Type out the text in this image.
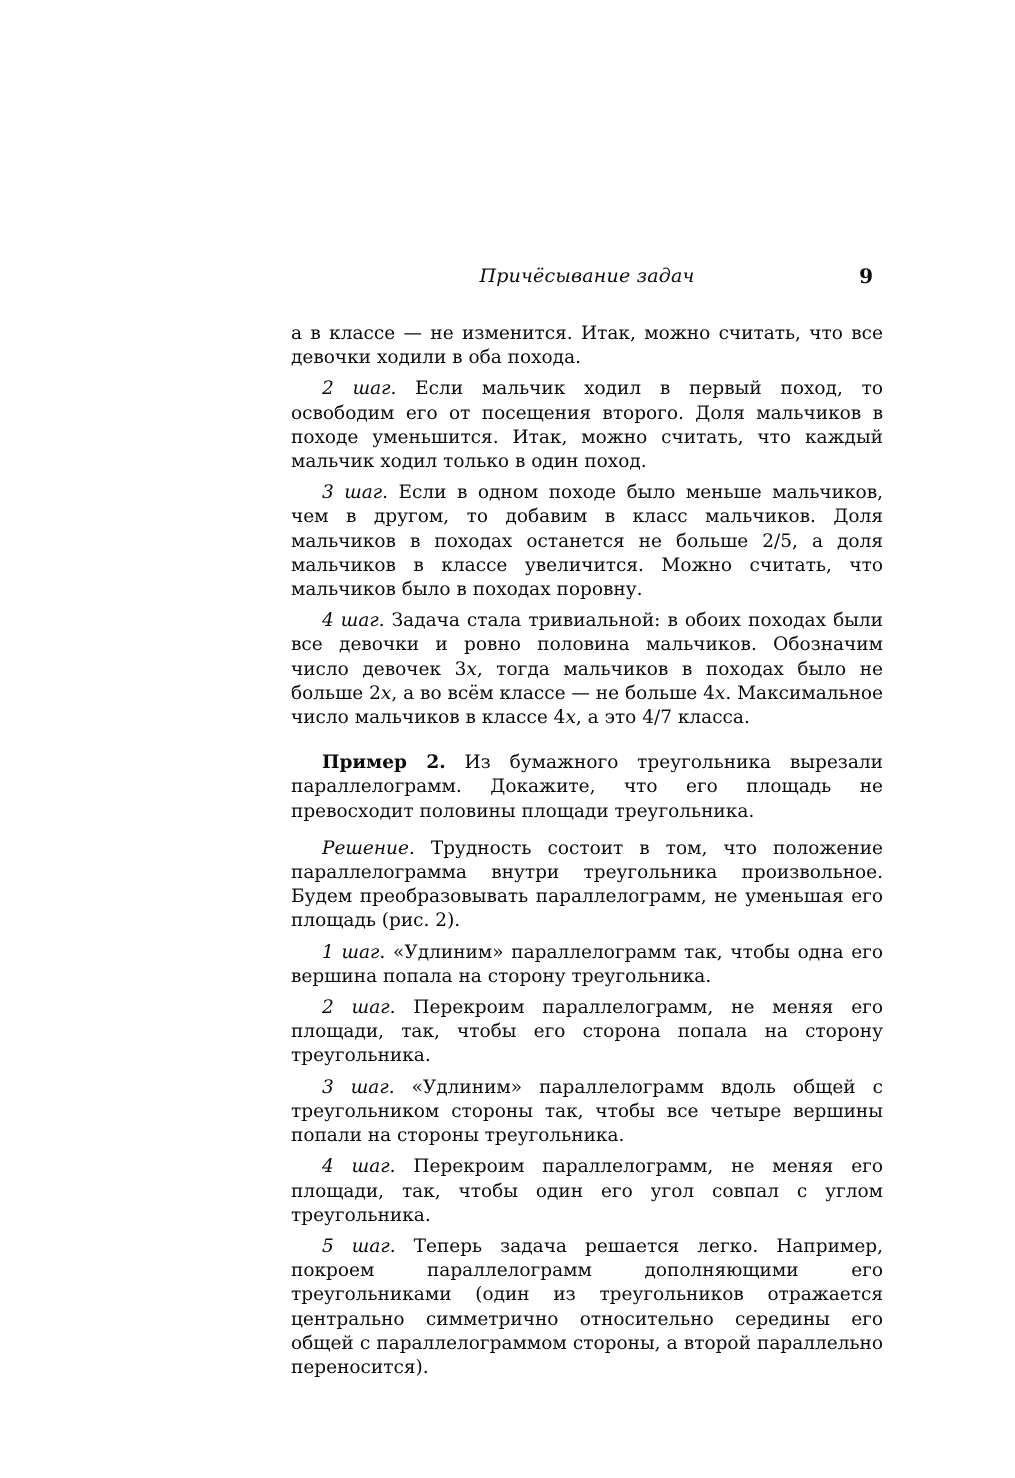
Причёсывание задач	9

а в классе — не изменится. Итак, можно считать, что все девочки ходили в оба похода.

2 шаг. Если мальчик ходил в первый поход, то освободим его от посещения второго. Доля мальчиков в походе уменьшится. Итак, можно считать, что каждый мальчик ходил только в один поход.

3 шаг. Если в одном походе было меньше мальчиков, чем в другом, то добавим в класс мальчиков. Доля мальчиков в походах останется не больше 2/5, а доля мальчиков в классе увеличится. Можно считать, что мальчиков было в походах поровну.

4 шаг. Задача стала тривиальной: в обоих походах были все девочки и ровно половина мальчиков. Обозначим число девочек 3x, тогда мальчиков в походах было не больше 2x, а во всём классе — не больше 4x. Максимальное число мальчиков в классе 4x, а это 4/7 класса.

Пример 2. Из бумажного треугольника вырезали параллелограмм. Докажите, что его площадь не превосходит половины площади треугольника.

Решение. Трудность состоит в том, что положение параллелограмма внутри треугольника произвольное. Будем преобразовывать параллелограмм, не уменьшая его площадь (рис. 2).

1 шаг. «Удлиним» параллелограмм так, чтобы одна его вершина попала на сторону треугольника.

2 шаг. Перекроим параллелограмм, не меняя его площади, так, чтобы его сторона попала на сторону треугольника.

3 шаг. «Удлиним» параллелограмм вдоль общей с треугольником стороны так, чтобы все четыре вершины попали на стороны треугольника.

4 шаг. Перекроим параллелограмм, не меняя его площади, так, чтобы один его угол совпал с углом треугольника.

5 шаг. Теперь задача решается легко. Например, покроем параллелограмм дополняющими его треугольниками (один из треугольников отражается центрально симметрично относительно середины его общей с параллелограммом стороны, а второй параллельно переносится).
